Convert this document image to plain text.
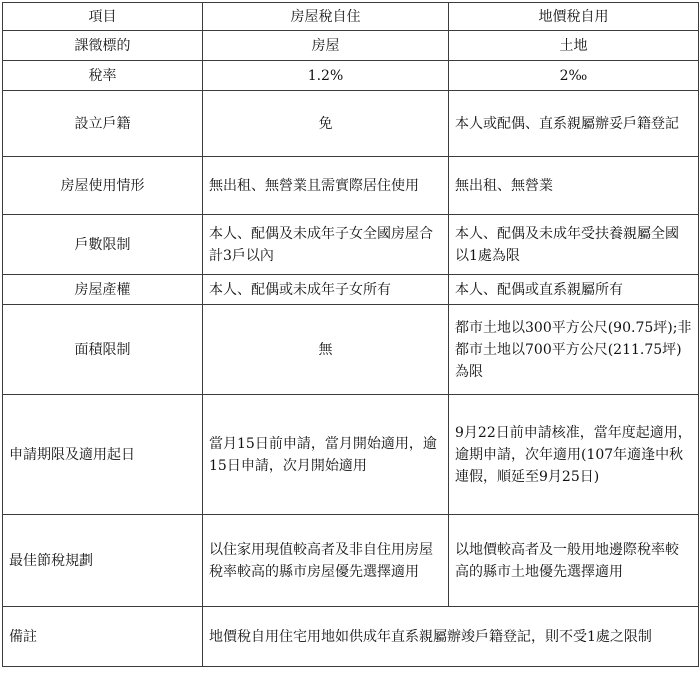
項目	房屋稅自住	地價稅自用
課徵標的	房屋	土地
稅率	1.2%	2‰
設立戶籍	免	本人或配偶、直系親屬辦妥戶籍登記
房屋使用情形	無出租、無營業且需實際居住使用	無出租、無營業
戶數限制	本人、配偶及未成年子女全國房屋合計3戶以內	本人、配偶及未成年受扶養親屬全國以1處為限
房屋產權	本人、配偶或未成年子女所有	本人、配偶或直系親屬所有
面積限制	無	都市土地以300平方公尺(90.75坪);非都市土地以700平方公尺(211.75坪)為限
申請期限及適用起日	當月15日前申請，當月開始適用，逾15日申請，次月開始適用	9月22日前申請核准，當年度起適用，逾期申請，次年適用(107年適逢中秋連假，順延至9月25日)
最佳節稅規劃	以住家用現值較高者及非自住用房屋稅率較高的縣市房屋優先選擇適用	以地價較高者及一般用地邊際稅率較高的縣市土地優先選擇適用
備註	地價稅自用住宅用地如供成年直系親屬辦竣戶籍登記，則不受1處之限制	
